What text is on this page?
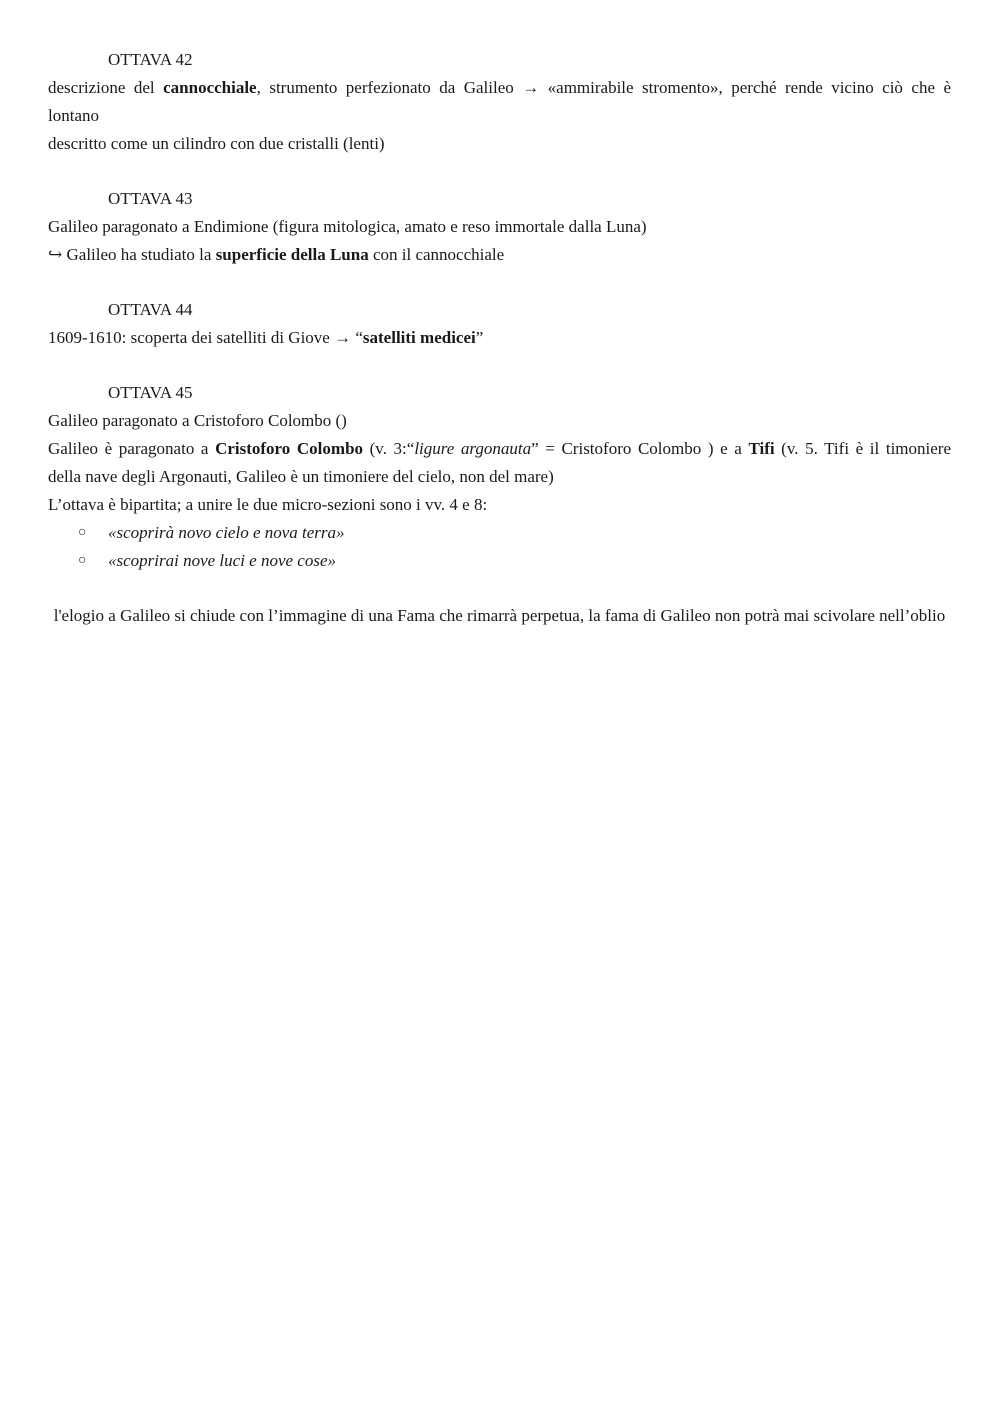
OTTAVA 42
descrizione del cannocchiale, strumento perfezionato da Galileo → «ammirabile stromento», perché rende vicino ciò che è
lontano
descritto come un cilindro con due cristalli (lenti)
OTTAVA 43
Galileo paragonato a Endimione (figura mitologica, amato e reso immortale dalla Luna)
↪ Galileo ha studiato la superficie della Luna con il cannocchiale
OTTAVA 44
1609-1610: scoperta dei satelliti di Giove → “satelliti medicei”
OTTAVA 45
Galileo paragonato a Cristoforo Colombo ()
Galileo è paragonato a Cristoforo Colombo (v. 3:“ligure argonauta” = Cristoforo Colombo ) e a Tifi (v. 5. Tifi è il timoniere
della nave degli Argonauti, Galileo è un timoniere del cielo, non del mare)
L’ottava è bipartita; a unire le due micro-sezioni sono i vv. 4 e 8:
○ «scoprirà novo cielo e nova terra»
○ «scoprirai nove luci e nove cose»
l'elogio a Galileo si chiude con l’immagine di una Fama che rimarrà perpetua, la fama di Galileo non potrà mai scivolare nell’oblio
